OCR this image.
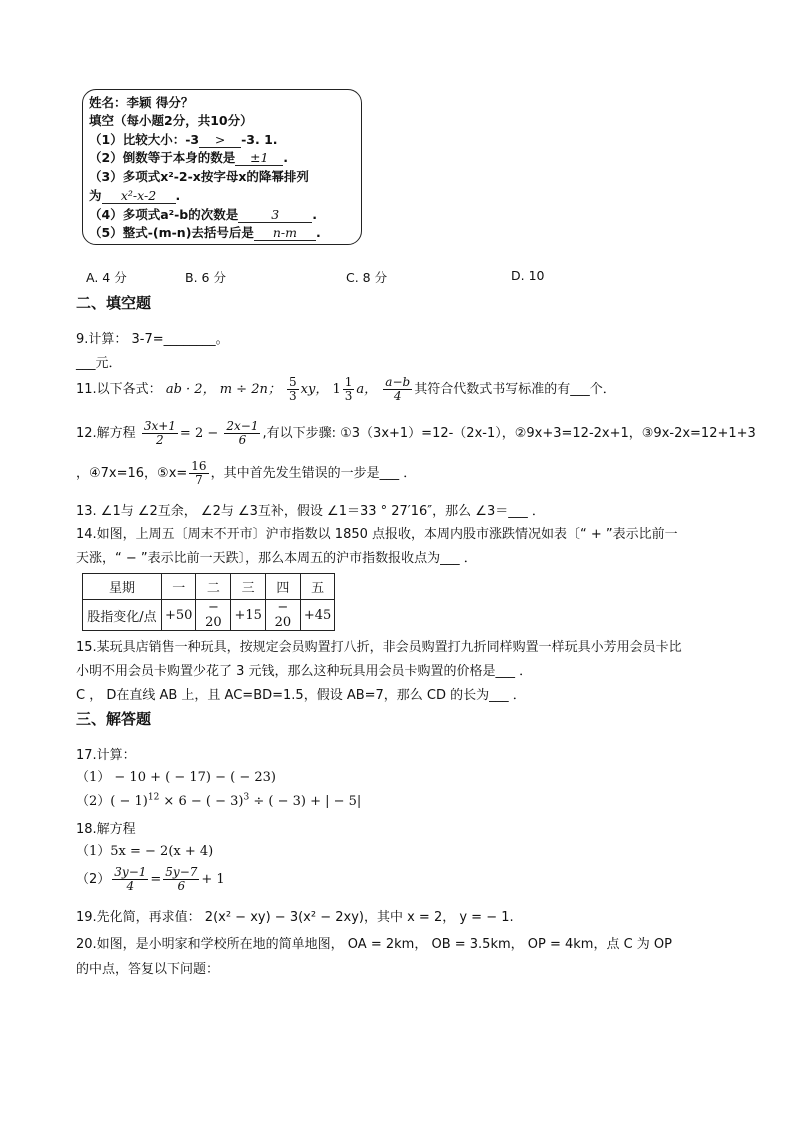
姓名：李颖 得分？
填空（每小题2分，共10分）
（1）比较大小：-3 > -3. 1.
（2）倒数等于本身的数是 ±1 .
（3）多项式x²-2-x按字母x的降幂排列
为 x²-x-2 .
（4）多项式a²-b的次数是	3	.
（5）整式-(m-n)去括号后是 n-m .
A. 4 分	B. 6 分	C. 8 分	D. 10
二、填空题
9.计算： 3-7=________。
___元．
11.以下各式： ab · 2， m ÷ 2n； $\frac{5}{3}$ xy， $1 \frac{1}{3}$ a， $\frac{a-b}{4}$ 其符合代数式书写标准的有___个．
12.解方程 $\frac{3x+1}{2} = 2 - \frac{2x-1}{6}$ ,有以下步骤: ①3（3x+1）=12-（2x-1），②9x+3=12-2x+1，③9x-2x=12+1+3
，④7x=16，⑤x= $\frac{16}{7}$ ，其中首先发生错误的一步是___ ．
13. ∠1与 ∠2互余， ∠2与 ∠3互补，假设 ∠1＝33 ° 27′16″，那么 ∠3＝___ ．
14.如图，上周五〔周末不开市〕沪市指数以 1850 点报收，本周内股市涨跌情况如表〔“ + ”表示比前一
天涨，“ − ”表示比前一天跌〕，那么本周五的沪市指数报收点为___ ．
星期	一	二	三	四	五
股指变化/点	+50	− 20	+15	− 20	+45
15.某玩具店销售一种玩具，按规定会员购置打八折，非会员购置打九折同样购置一样玩具小芳用会员卡比
小明不用会员卡购置少花了 3 元钱，那么这种玩具用会员卡购置的价格是___ ．
C ， D在直线 AB 上，且 AC=BD=1.5，假设 AB=7，那么 CD 的长为___ ．
三、解答题
17.计算：
（1） − 10 + ( − 17) − ( − 23)
$(2)( - 1)^{12} \times 6$ − ( − 3)$^3$ ÷ ( − 3) + | − 5|
18.解方程
（1）5x = − 2(x + 4)
$(2) \frac{3y-1}{4} = \frac{5y-7}{6} + 1$
19.先化简，再求值： 2(x² − xy) − 3(x² − 2xy)，其中 x = 2， y = − 1.
20.如图，是小明家和学校所在地的简单地图， OA = 2km， OB = 3.5km， OP = 4km，点 C 为 OP
的中点，答复以下问题：
